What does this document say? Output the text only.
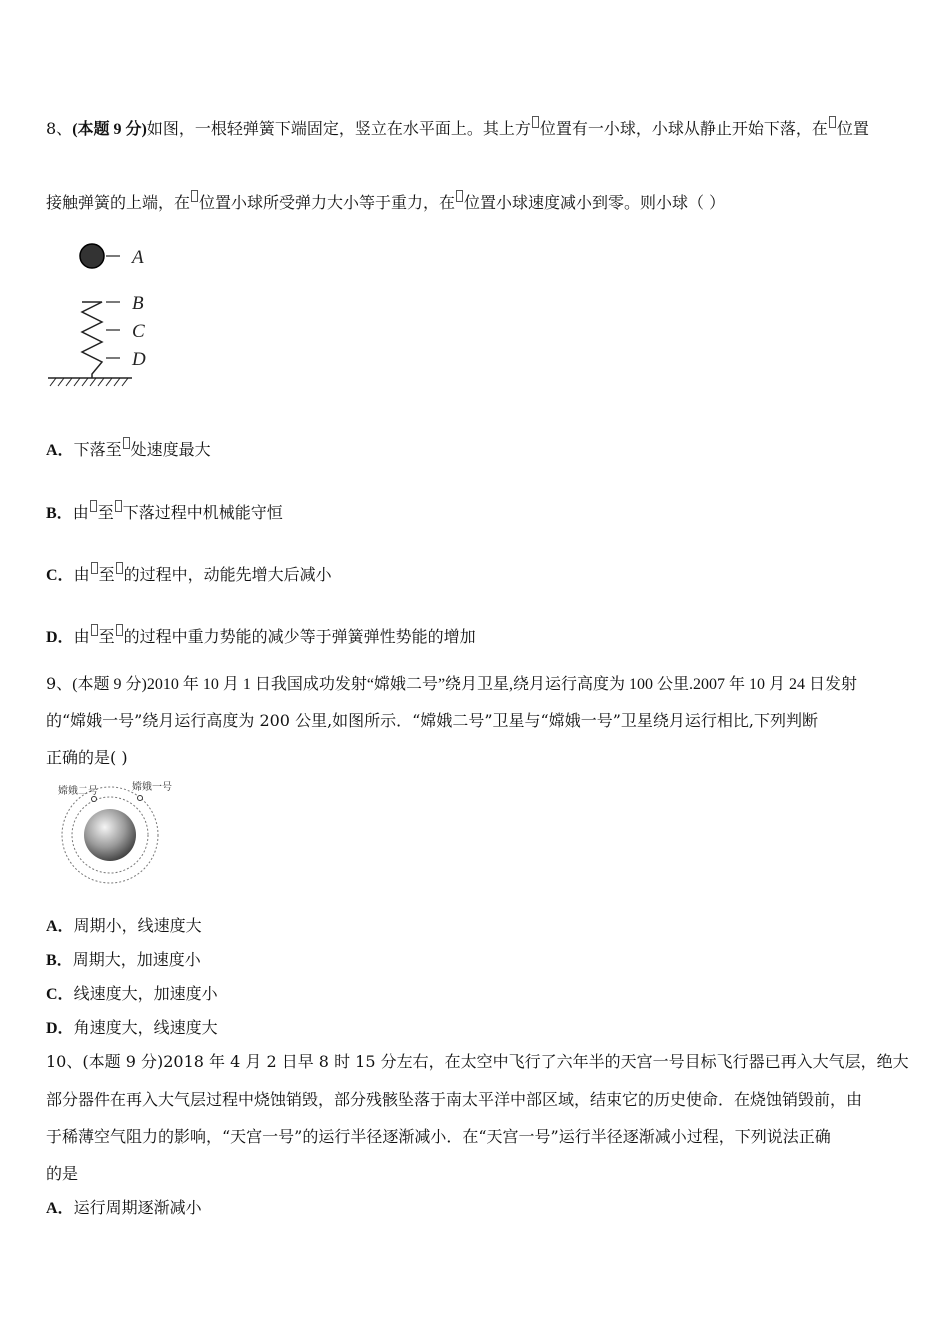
8、(本题 9 分)如图，一根轻弹簧下端固定，竖立在水平面上。其上方 位置有一小球，小球从静止开始下落，在 位置
接触弹簧的上端，在 位置小球所受弹力大小等于重力，在 位置小球速度减小到零。则小球（ ）
A
B
C
D
A．下落至 处速度最大
B．由 至 下落过程中机械能守恒
C．由 至 的过程中，动能先增大后减小
D．由 至 的过程中重力势能的减少等于弹簧弹性势能的增加
9、(本题 9 分)2010 年 10 月 1 日我国成功发射“嫦娥二号”绕月卫星,绕月运行高度为 100 公里.2007 年 10 月 24 日发射
的“嫦娥一号”绕月运行高度为 200 公里,如图所示．“嫦娥二号”卫星与“嫦娥一号”卫星绕月运行相比,下列判断
正确的是( )
嫦娥二号	嫦娥一号
A．周期小，线速度大
B．周期大，加速度小
C．线速度大，加速度小
D．角速度大，线速度大
10、(本题 9 分)2018 年 4 月 2 日早 8 时 15 分左右，在太空中飞行了六年半的天宫一号目标飞行器已再入大气层，绝大
部分器件在再入大气层过程中烧蚀销毁，部分残骸坠落于南太平洋中部区域，结束它的历史使命．在烧蚀销毁前，由
于稀薄空气阻力的影响，“天宫一号”的运行半径逐渐减小．在“天宫一号”运行半径逐渐减小过程，下列说法正确
的是
A．运行周期逐渐减小
